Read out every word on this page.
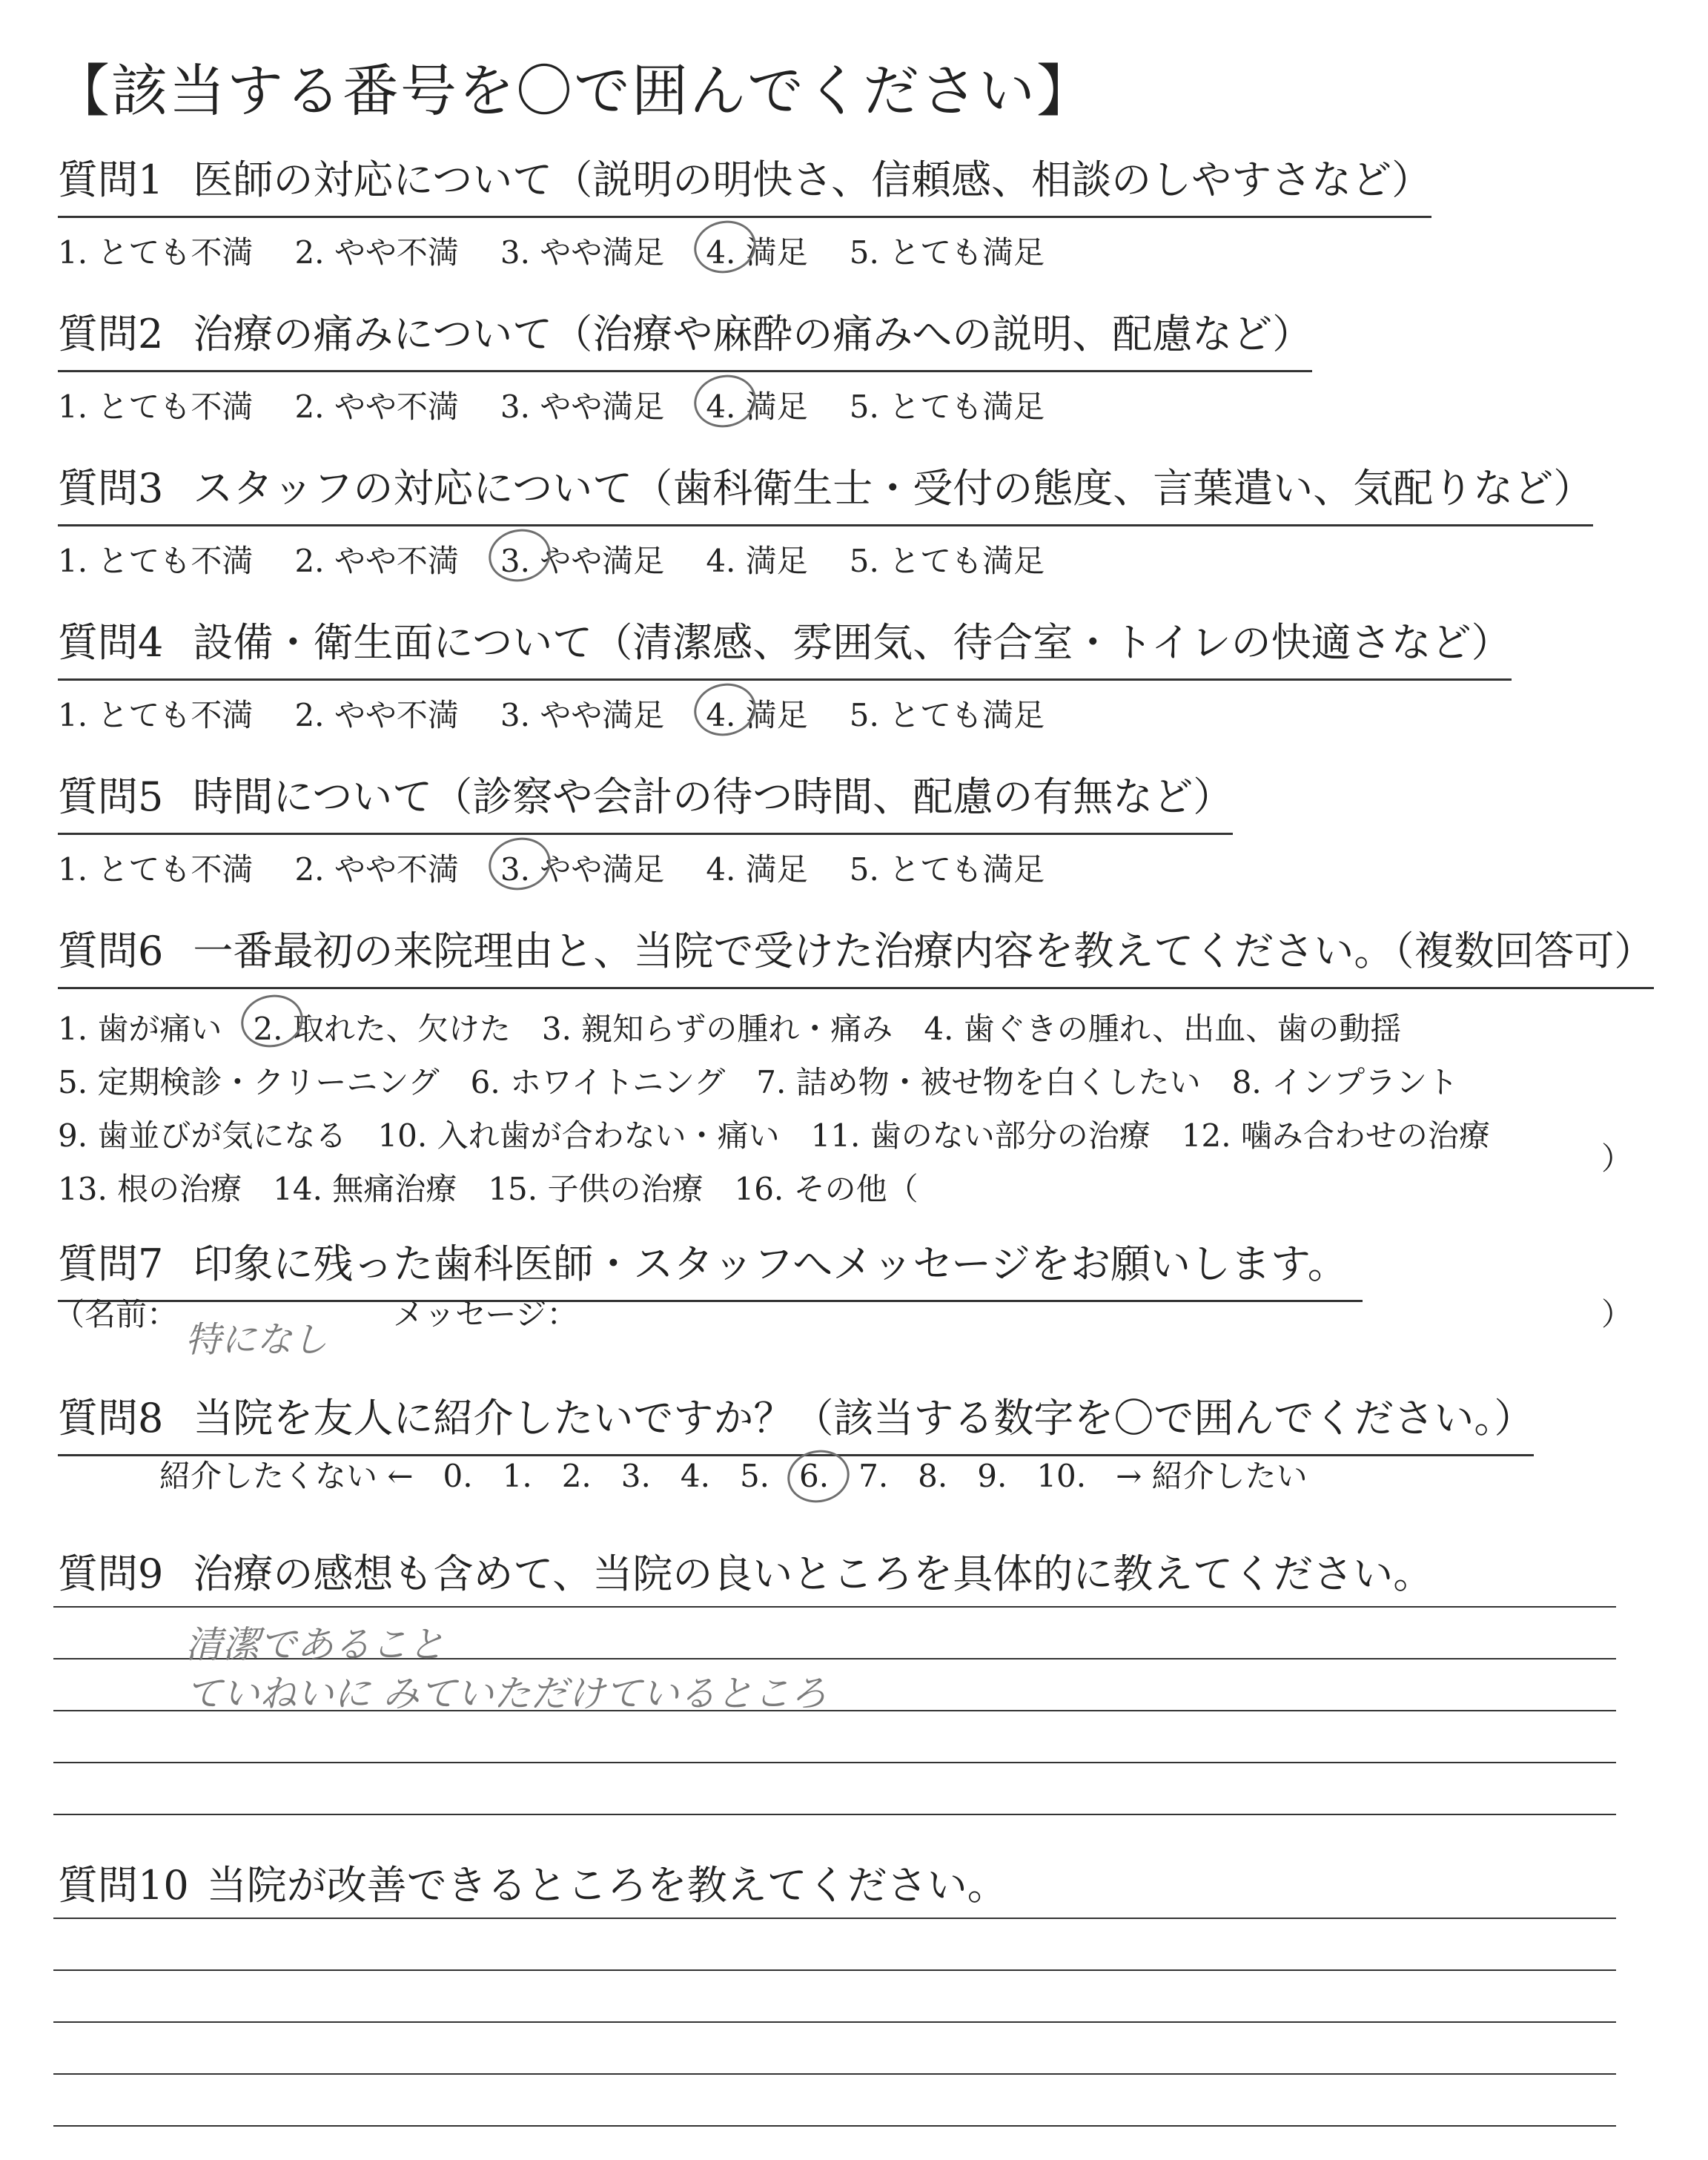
【該当する番号を〇で囲んでください】
質問1 医師の対応について（説明の明快さ、信頼感、相談のしやすさなど）
1. とても不満 2. やや不満 3. やや満足 4. 満足 5. とても満足
質問2 治療の痛みについて（治療や麻酔の痛みへの説明、配慮など）
1. とても不満 2. やや不満 3. やや満足 4. 満足 5. とても満足
質問3 スタッフの対応について（歯科衛生士・受付の態度、言葉遣い、気配りなど）
1. とても不満 2. やや不満 3. やや満足 4. 満足 5. とても満足
質問4 設備・衛生面について（清潔感、雰囲気、待合室・トイレの快適さなど）
1. とても不満 2. やや不満 3. やや満足 4. 満足 5. とても満足
質問5 時間について（診察や会計の待つ時間、配慮の有無など）
1. とても不満 2. やや不満 3. やや満足 4. 満足 5. とても満足
質問6 一番最初の来院理由と、当院で受けた治療内容を教えてください。（複数回答可）
1. 歯が痛い 2. 取れた、欠けた 3. 親知らずの腫れ・痛み 4. 歯ぐきの腫れ、出血、歯の動揺
5. 定期検診・クリーニング 6. ホワイトニング 7. 詰め物・被せ物を白くしたい 8. インプラント
9. 歯並びが気になる 10. 入れ歯が合わない・痛い 11. 歯のない部分の治療 12. 噛み合わせの治療
13. 根の治療 14. 無痛治療 15. 子供の治療 16. その他（
）
質問7 印象に残った歯科医師・スタッフへメッセージをお願いします。
（名前：
特になし
メッセージ：	）
質問8 当院を友人に紹介したいですか？（該当する数字を〇で囲んでください。）
紹介したくない ← 0. 1. 2. 3. 4. 5. 6. 7. 8. 9. 10. → 紹介したい
質問9 治療の感想も含めて、当院の良いところを具体的に教えてください。
清潔であること
ていねいに みていただけているところ
質問10 当院が改善できるところを教えてください。
